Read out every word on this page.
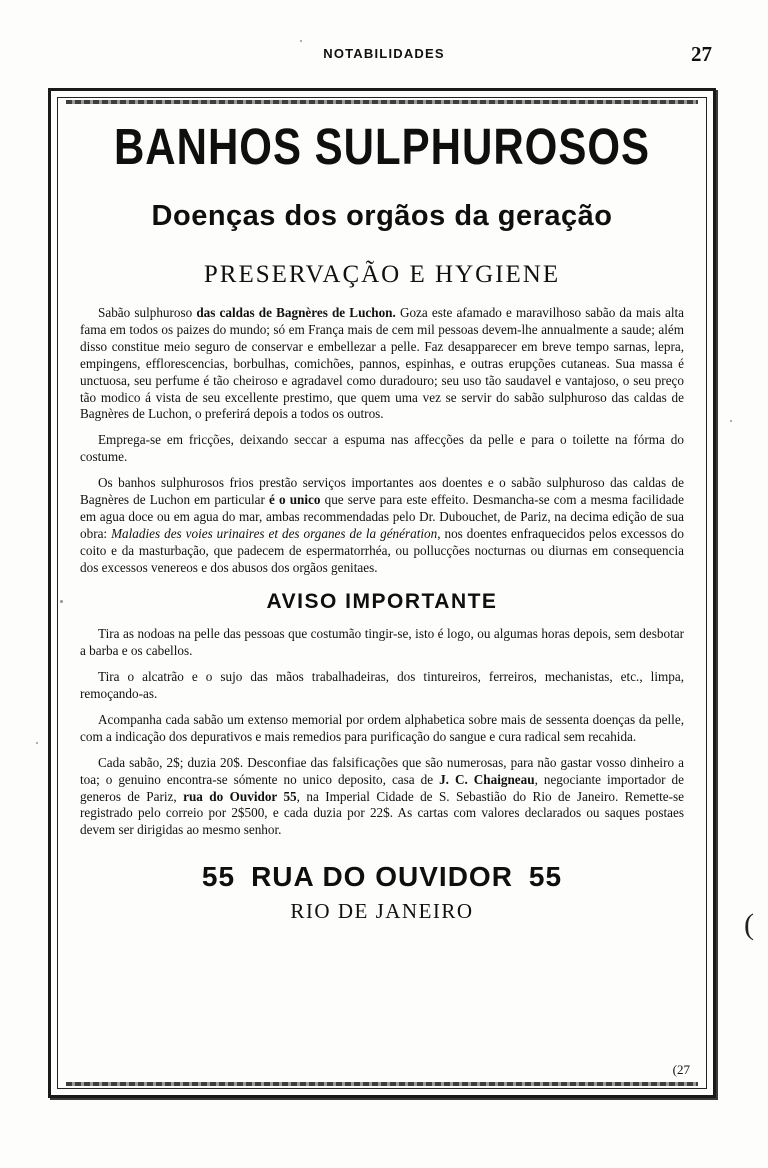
NOTABILIDADES	27
(
BANHOS SULPHUROSOS
Doenças dos orgãos da geração
PRESERVAÇÃO E HYGIENE

Sabão sulphuroso das caldas de Bagnères de Luchon. Goza este afamado e maravilhoso sabão da mais alta fama em todos os paizes do mundo; só em França mais de cem mil pessoas devem-lhe annualmente a saude; além disso constitue meio seguro de conservar e embellezar a pelle. Faz desapparecer em breve tempo sarnas, lepra, empingens, efflorescencias, borbulhas, comichões, pannos, espinhas, e outras erupções cutaneas. Sua massa é unctuosa, seu perfume é tão cheiroso e agradavel como duradouro; seu uso tão saudavel e vantajoso, o seu preço tão modico á vista de seu excellente prestimo, que quem uma vez se servir do sabão sulphuroso das caldas de Bagnères de Luchon, o preferirá depois a todos os outros.

Emprega-se em fricções, deixando seccar a espuma nas affecções da pelle e para o toilette na fórma do costume.

Os banhos sulphurosos frios prestão serviços importantes aos doentes e o sabão sulphuroso das caldas de Bagnères de Luchon em particular é o unico que serve para este effeito. Desmancha-se com a mesma facilidade em agua doce ou em agua do mar, ambas recommendadas pelo Dr. Dubouchet, de Pariz, na decima edição de sua obra: Maladies des voies urinaires et des organes de la génération, nos doentes enfraquecidos pelos excessos do coito e da masturbação, que padecem de espermatorrhéa, ou pollucções nocturnas ou diurnas em consequencia dos excessos venereos e dos abusos dos orgãos genitaes.

AVISO IMPORTANTE

Tira as nodoas na pelle das pessoas que costumão tingir-se, isto é logo, ou algumas horas depois, sem desbotar a barba e os cabellos.

Tira o alcatrão e o sujo das mãos trabalhadeiras, dos tintureiros, ferreiros, mechanistas, etc., limpa, remoçando-as.

Acompanha cada sabão um extenso memorial por ordem alphabetica sobre mais de sessenta doenças da pelle, com a indicação dos depurativos e mais remedios para purificação do sangue e cura radical sem recahida.

Cada sabão, 2$; duzia 20$. Desconfiae das falsificações que são numerosas, para não gastar vosso dinheiro a toa; o genuino encontra-se sómente no unico deposito, casa de J. C. Chaigneau, negociante importador de generos de Pariz, rua do Ouvidor 55, na Imperial Cidade de S. Sebastião do Rio de Janeiro. Remette-se registrado pelo correio por 2$500, e cada duzia por 22$. As cartas com valores declarados ou saques postaes devem ser dirigidas ao mesmo senhor.

55 RUA DO OUVIDOR 55
RIO DE JANEIRO
(27
